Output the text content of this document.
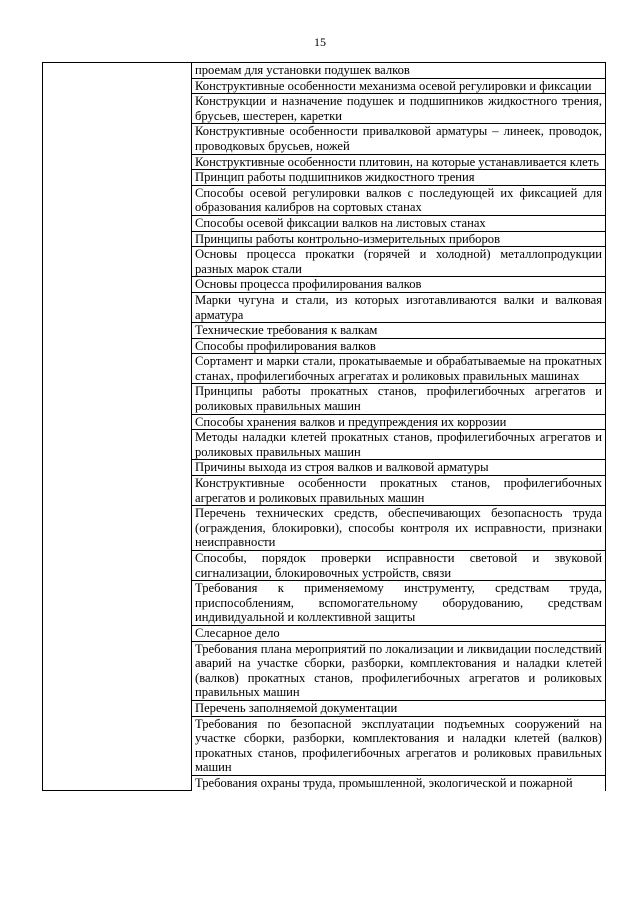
15
	проемам для установки подушек валков
Конструктивные особенности механизма осевой регулировки и фиксации
Конструкции и назначение подушек и подшипников жидкостного трения, брусьев, шестерен, каретки
Конструктивные особенности привалковой арматуры – линеек, проводок, проводковых брусьев, ножей
Конструктивные особенности плитовин, на которые устанавливается клеть
Принцип работы подшипников жидкостного трения
Способы осевой регулировки валков с последующей их фиксацией для образования калибров на сортовых станах
Способы осевой фиксации валков на листовых станах
Принципы работы контрольно-измерительных приборов
Основы процесса прокатки (горячей и холодной) металлопродукции разных марок стали
Основы процесса профилирования валков
Марки чугуна и стали, из которых изготавливаются валки и валковая арматура
Технические требования к валкам
Способы профилирования валков
Сортамент и марки стали, прокатываемые и обрабатываемые на прокатных станах, профилегибочных агрегатах и роликовых правильных машинах
Принципы работы прокатных станов, профилегибочных агрегатов и роликовых правильных машин
Способы хранения валков и предупреждения их коррозии
Методы наладки клетей прокатных станов, профилегибочных агрегатов и роликовых правильных машин
Причины выхода из строя валков и валковой арматуры
Конструктивные особенности прокатных станов, профилегибочных агрегатов и роликовых правильных машин
Перечень технических средств, обеспечивающих безопасность труда (ограждения, блокировки), способы контроля их исправности, признаки неисправности
Способы, порядок проверки исправности световой и звуковой сигнализации, блокировочных устройств, связи
Требования к применяемому инструменту, средствам труда, приспособлениям, вспомогательному оборудованию, средствам индивидуальной и коллективной защиты
Слесарное дело
Требования плана мероприятий по локализации и ликвидации последствий аварий на участке сборки, разборки, комплектования и наладки клетей (валков) прокатных станов, профилегибочных агрегатов и роликовых правильных машин
Перечень заполняемой документации
Требования по безопасной эксплуатации подъемных сооружений на участке сборки, разборки, комплектования и наладки клетей (валков) прокатных станов, профилегибочных агрегатов и роликовых правильных машин
Требования охраны труда, промышленной, экологической и пожарной
